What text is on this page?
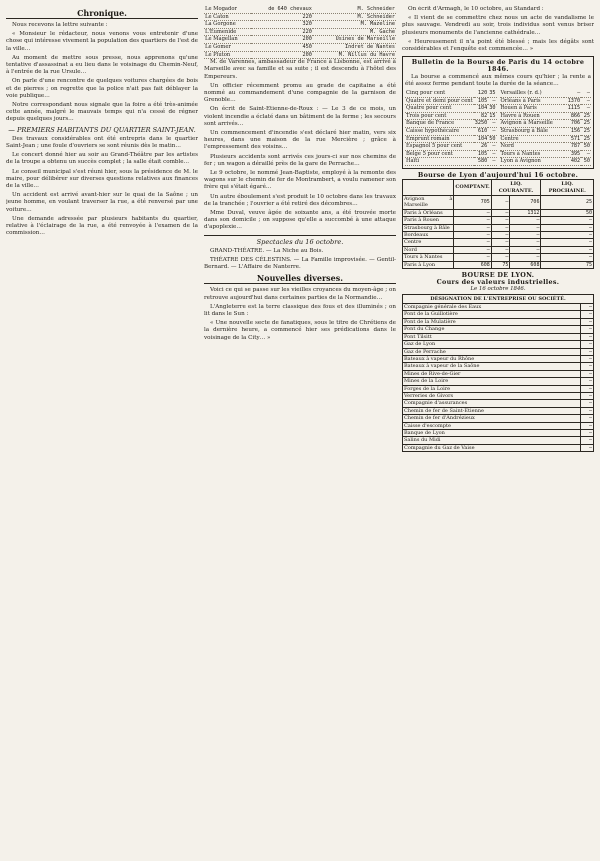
Chronique.

Nous recevons la lettre suivante :

« Monsieur le rédacteur, nous venons vous entretenir d'une chose qui intéresse vivement la population des quartiers de l'est de la ville…

Au moment de mettre sous presse, nous apprenons qu'une tentative d'assassinat a eu lieu dans le voisinage du Chemin-Neuf, à l'entrée de la rue Ursule…

On parle d'une rencontre de quelques voitures chargées de bois et de pierres ; on regrette que la police n'ait pas fait déblayer la voie publique…

Notre correspondant nous signale que la foire a été très-animée cette année, malgré le mauvais temps qui n'a cessé de régner depuis quelques jours…

— PREMIERS HABITANTS DU QUARTIER SAINT-JEAN.

Des travaux considérables ont été entrepris dans le quartier Saint-Jean ; une foule d'ouvriers se sont réunis dès le matin…

Le concert donné hier au soir au Grand-Théâtre par les artistes de la troupe a obtenu un succès complet ; la salle était comble…

Le conseil municipal s'est réuni hier, sous la présidence de M. le maire, pour délibérer sur diverses questions relatives aux finances de la ville…

Un accident est arrivé avant-hier sur le quai de la Saône ; un jeune homme, en voulant traverser la rue, a été renversé par une voiture…

Une demande adressée par plusieurs habitants du quartier, relative à l'éclairage de la rue, a été renvoyée à l'examen de la commission…

Le Mogador	de 640 chevaux	M. Schneider
Le Caton	220	M. Schneider
La Gorgone	320	M. Mazeline
L'Eumenide	220	M. Gache
Le Magellan	200	Usines de Marseille
Le Gomer	450	Indret de Nantes
Le Pluton	200	M. Nillus du Havre

M. de Varennes, ambassadeur de France à Lisbonne, est arrivé à Marseille avec sa famille et sa suite ; il est descendu à l'hôtel des Empereurs.

Un officier récemment promu au grade de capitaine a été nommé au commandement d'une compagnie de la garnison de Grenoble…

On écrit de Saint-Etienne-de-Roux : — Le 3 de ce mois, un violent incendie a éclaté dans un bâtiment de la ferme ; les secours sont arrivés…

Un commencement d'incendie s'est déclaré hier matin, vers six heures, dans une maison de la rue Mercière ; grâce à l'empressement des voisins…

Plusieurs accidents sont arrivés ces jours-ci sur nos chemins de fer ; un wagon a déraillé près de la gare de Perrache…

Le 9 octobre, le nommé Jean-Baptiste, employé à la remonte des wagons sur le chemin de fer de Montrambert, a voulu ramener son frère qui s'était égaré…

Un autre éboulement s'est produit le 10 octobre dans les travaux de la tranchée ; l'ouvrier a été retiré des décombres…

Mme Duval, veuve âgée de soixante ans, a été trouvée morte dans son domicile ; on suppose qu'elle a succombé à une attaque d'apoplexie…

Spectacles du 16 octobre.

GRAND-THÉATRE. — La Niche au Bois.

THÉATRE DES CÉLESTINS. — La Famille improvisée. — Gentil-Bernard. — L'Affaire de Nanterre.

Nouvelles diverses.

Voici ce qui se passe sur les vieilles croyances du moyen-âge ; on retrouve aujourd'hui dans certaines parties de la Normandie…

L'Angleterre est la terre classique des fous et des illuminés ; on lit dans le Sun :

« Une nouvelle secte de fanatiques, sous le titre de Chrétiens de la dernière heure, a commencé hier ses prédications dans le voisinage de la City… »

On écrit d'Armagh, le 10 octobre, au Standard :

« Il vient de se commettre chez nous un acte de vandalisme le plus sauvage. Vendredi au soir, trois individus sont venus briser plusieurs monuments de l'ancienne cathédrale…

« Heureusement il n'a point été blessé ; mais les dégâts sont considérables et l'enquête est commencée… »

Bulletin de la Bourse de Paris du 14 octobre 1846.

La bourse a commencé aux mêmes cours qu'hier ; la rente a été assez ferme pendant toute la durée de la séance…

Cinq pour cent	120	35
Quatre et demi pour cent	105	—
Quatre pour cent	104	30
Trois pour cent	82	15
Banque de France	3250	—
Caisse hypothécaire	610	—
Emprunt romain	104	50
Espagnol 5 pour cent	26	—
Belge 5 pour cent	105	—
Haïti	580	—
Versailles (r. d.)	—	—
Orléans à Paris	1370	—
Rouen à Paris	1115	—
Havre à Rouen	866	25
Avignon à Marseille	706	25
Strasbourg à Bâle	156	25
Centre	571	25
Nord	787	50
Tours à Nantes	395	—
Lyon à Avignon	402	50
Bourse de Lyon d'aujourd'hui 16 octobre.
	COMPTANT.	LIQ. COURANTE.		LIQ. PROCHAINE.
Avignon à Marseille	705	—	706	25
Paris à Orléans	—	—	1312	50
Paris à Rouen	—	—	—	—
Strasbourg à Bâle	—	—	—	—
Bordeaux	—	—	—	—
Centre	—	—	—	—
Nord	—	—	—	—
Tours à Nantes	—	—	—	—
Paris à Lyon	608	75	608	75
BOURSE DE LYON.
Cours des valeurs industrielles.
Le 16 octobre 1846.
DÉSIGNATION DE L'ENTREPRISE OU SOCIÉTÉ.	
Compagnie générale des Eaux	—
Pont de la Guillotière	—
Pont de la Mulatière	—
Pont du Change	—
Pont Tilsitt	—
Gaz de Lyon	—
Gaz de Perrache	—
Bateaux à vapeur du Rhône	—
Bateaux à vapeur de la Saône	—
Mines de Rive-de-Gier	—
Mines de la Loire	—
Forges de la Loire	—
Verreries de Givors	—
Compagnie d'assurances	—
Chemin de fer de Saint-Etienne	—
Chemin de fer d'Andrézieux	—
Caisse d'escompte	—
Banque de Lyon	—
Salins du Midi	—
Compagnie du Gaz de Vaise	—
